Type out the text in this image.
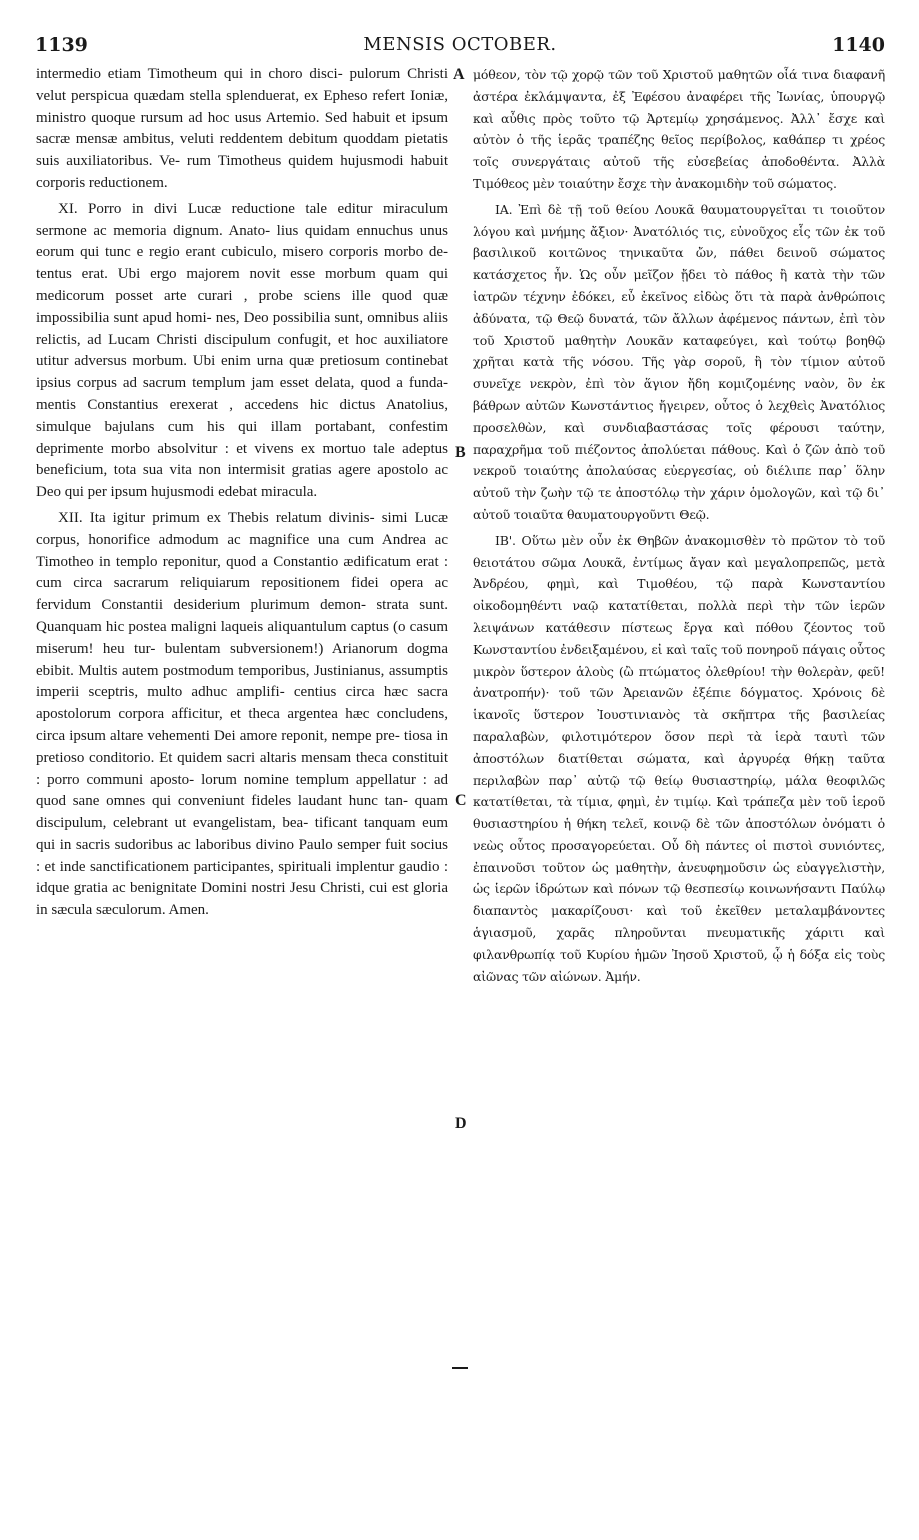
1139	MENSIS OCTOBER.	1140

intermedio etiam Timotheum qui in choro disci- pulorum Christi velut perspicua quædam stella splenduerat, ex Epheso refert Ioniæ, ministro quoque rursum ad hoc usus Artemio. Sed habuit et ipsum sacræ mensæ ambitus, veluti reddentem debitum quoddam pietatis suis auxiliatoribus. Ve- rum Timotheus quidem hujusmodi habuit corporis reductionem.

XI. Porro in divi Lucæ reductione tale editur miraculum sermone ac memoria dignum. Anato- lius quidam ennuchus unus eorum qui tunc e regio erant cubiculo, misero corporis morbo de- tentus erat. Ubi ergo majorem novit esse morbum quam qui medicorum posset arte curari , probe sciens ille quod quæ impossibilia sunt apud homi- nes, Deo possibilia sunt, omnibus aliis relictis, ad Lucam Christi discipulum confugit, et hoc auxiliatore utitur adversus morbum. Ubi enim urna quæ pretiosum continebat ipsius corpus ad sacrum templum jam esset delata, quod a funda- mentis Constantius erexerat , accedens hic dictus Anatolius, simulque bajulans cum his qui illam portabant, confestim deprimente morbo absolvitur : et vivens ex mortuo tale adeptus beneficium, tota sua vita non intermisit gratias agere apostolo ac Deo qui per ipsum hujusmodi edebat miracula.

XII. Ita igitur primum ex Thebis relatum divinis- simi Lucæ corpus, honorifice admodum ac magnifice una cum Andrea ac Timotheo in templo reponitur, quod a Constantio ædificatum erat : cum circa sacrarum reliquiarum repositionem fidei opera ac fervidum Constantii desiderium plurimum demon- strata sunt. Quanquam hic postea maligni laqueis aliquantulum captus (o casum miserum! heu tur- bulentam subversionem!) Arianorum dogma ebibit. Multis autem postmodum temporibus, Justinianus, assumptis imperii sceptris, multo adhuc amplifi- centius circa hæc sacra apostolorum corpora afficitur, et theca argentea hæc concludens, circa ipsum altare vehementi Dei amore reponit, nempe pre- tiosa in pretioso conditorio. Et quidem sacri altaris mensam theca constituit : porro communi aposto- lorum nomine templum appellatur : ad quod sane omnes qui conveniunt fideles laudant hunc tan- quam discipulum, celebrant ut evangelistam, bea- tificant tanquam eum qui in sacris sudoribus ac laboribus divino Paulo semper fuit socius : et inde sanctificationem participantes, spirituali implentur gaudio : idque gratia ac benignitate Domini nostri Jesu Christi, cui est gloria in sæcula sæculorum. Amen.

A
B
C
D

μόθεον, τὸν τῷ χορῷ τῶν τοῦ Χριστοῦ μαθητῶν οἷά τινα διαφανῆ ἀστέρα ἐκλάμψαντα, ἐξ Ἐφέσου ἀναφέρει τῆς Ἰωνίας, ὑπουργῷ καὶ αὖθις πρὸς τοῦτο τῷ Ἀρτεμίῳ χρησάμενος. Ἀλλ᾽ ἔσχε καὶ αὐτὸν ὁ τῆς ἱερᾶς τραπέζης θεῖος περίβολος, καθάπερ τι χρέος τοῖς συνεργάταις αὐτοῦ τῆς εὐσεβείας ἀποδοθέντα. Ἀλλὰ Τιμόθεος μὲν τοιαύτην ἔσχε τὴν ἀνακομιδὴν τοῦ σώματος.

ΙΑ. Ἐπὶ δὲ τῇ τοῦ θείου Λουκᾶ θαυματουργεῖται τι τοιοῦτον λόγου καὶ μνήμης ἄξιον· Ἀνατόλιός τις, εὐνοῦχος εἷς τῶν ἐκ τοῦ βασιλικοῦ κοιτῶνος τηνικαῦτα ὤν, πάθει δεινοῦ σώματος κατάσχετος ἦν. Ὡς οὖν μεῖζον ᾔδει τὸ πάθος ἢ κατὰ τὴν τῶν ἰατρῶν τέχνην ἐδόκει, εὖ ἐκεῖνος εἰδὼς ὅτι τὰ παρὰ ἀνθρώποις ἀδύνατα, τῷ Θεῷ δυνατά, τῶν ἄλλων ἀφέμενος πάντων, ἐπὶ τὸν τοῦ Χριστοῦ μαθητὴν Λουκᾶν καταφεύγει, καὶ τούτῳ βοηθῷ χρῆται κατὰ τῆς νόσου. Τῆς γὰρ σοροῦ, ἣ τὸν τίμιον αὐτοῦ συνεῖχε νεκρὸν, ἐπὶ τὸν ἅγιον ἤδη κομιζομένης ναὸν, ὃν ἐκ βάθρων αὐτῶν Κωνστάντιος ἤγειρεν, οὗτος ὁ λεχθεὶς Ἀνατόλιος προσελθὼν, καὶ συνδιαβαστάσας τοῖς φέρουσι ταύτην, παραχρῆμα τοῦ πιέζοντος ἀπολύεται πάθους. Καὶ ὁ ζῶν ἀπὸ τοῦ νεκροῦ τοιαύτης ἀπολαύσας εὐεργεσίας, οὐ διέλιπε παρ᾽ ὅλην αὐτοῦ τὴν ζωὴν τῷ τε ἀποστόλῳ τὴν χάριν ὁμολογῶν, καὶ τῷ δι᾽ αὐτοῦ τοιαῦτα θαυματουργοῦντι Θεῷ.

ΙΒ'. Οὕτω μὲν οὖν ἐκ Θηβῶν ἀνακομισθὲν τὸ πρῶτον τὸ τοῦ θειοτάτου σῶμα Λουκᾶ, ἐντίμως ἄγαν καὶ μεγαλοπρεπῶς, μετὰ Ἀνδρέου, φημὶ, καὶ Τιμοθέου, τῷ παρὰ Κωνσταντίου οἰκοδομηθέντι ναῷ κατατίθεται, πολλὰ περὶ τὴν τῶν ἱερῶν λειψάνων κατάθεσιν πίστεως ἔργα καὶ πόθου ζέοντος τοῦ Κωνσταντίου ἐνδειξαμένου, εἰ καὶ ταῖς τοῦ πονηροῦ πάγαις οὗτος μικρὸν ὕστερον ἁλοὺς (ὢ πτώματος ὀλεθρίου! τὴν θολερὰν, φεῦ! ἀνατροπήν)· τοῦ τῶν Ἀρειανῶν ἐξέπιε δόγματος. Χρόνοις δὲ ἱκανοῖς ὕστερον Ἰουστινιανὸς τὰ σκῆπτρα τῆς βασιλείας παραλαβὼν, φιλοτιμότερον ὅσον περὶ τὰ ἱερὰ ταυτὶ τῶν ἀποστόλων διατίθεται σώματα, καὶ ἀργυρέᾳ θήκῃ ταῦτα περιλαβὼν παρ᾽ αὐτῷ τῷ θείῳ θυσιαστηρίῳ, μάλα θεοφιλῶς κατατίθεται, τὰ τίμια, φημὶ, ἐν τιμίῳ. Καὶ τράπεζα μὲν τοῦ ἱεροῦ θυσιαστηρίου ἡ θήκη τελεῖ, κοινῷ δὲ τῶν ἀποστόλων ὀνόματι ὁ νεὼς οὗτος προσαγορεύεται. Οὗ δὴ πάντες οἱ πιστοὶ συνιόντες, ἐπαινοῦσι τοῦτον ὡς μαθητὴν, ἀνευφημοῦσιν ὡς εὐαγγελιστὴν, ὡς ἱερῶν ἱδρώτων καὶ πόνων τῷ θεσπεσίῳ κοινωνήσαντι Παύλῳ διαπαντὸς μακαρίζουσι· καὶ τοῦ ἐκεῖθεν μεταλαμβάνοντες ἁγιασμοῦ, χαρᾶς πληροῦνται πνευματικῆς χάριτι καὶ φιλανθρωπίᾳ τοῦ Κυρίου ἡμῶν Ἰησοῦ Χριστοῦ, ᾧ ἡ δόξα εἰς τοὺς αἰῶνας τῶν αἰώνων. Ἀμήν.
